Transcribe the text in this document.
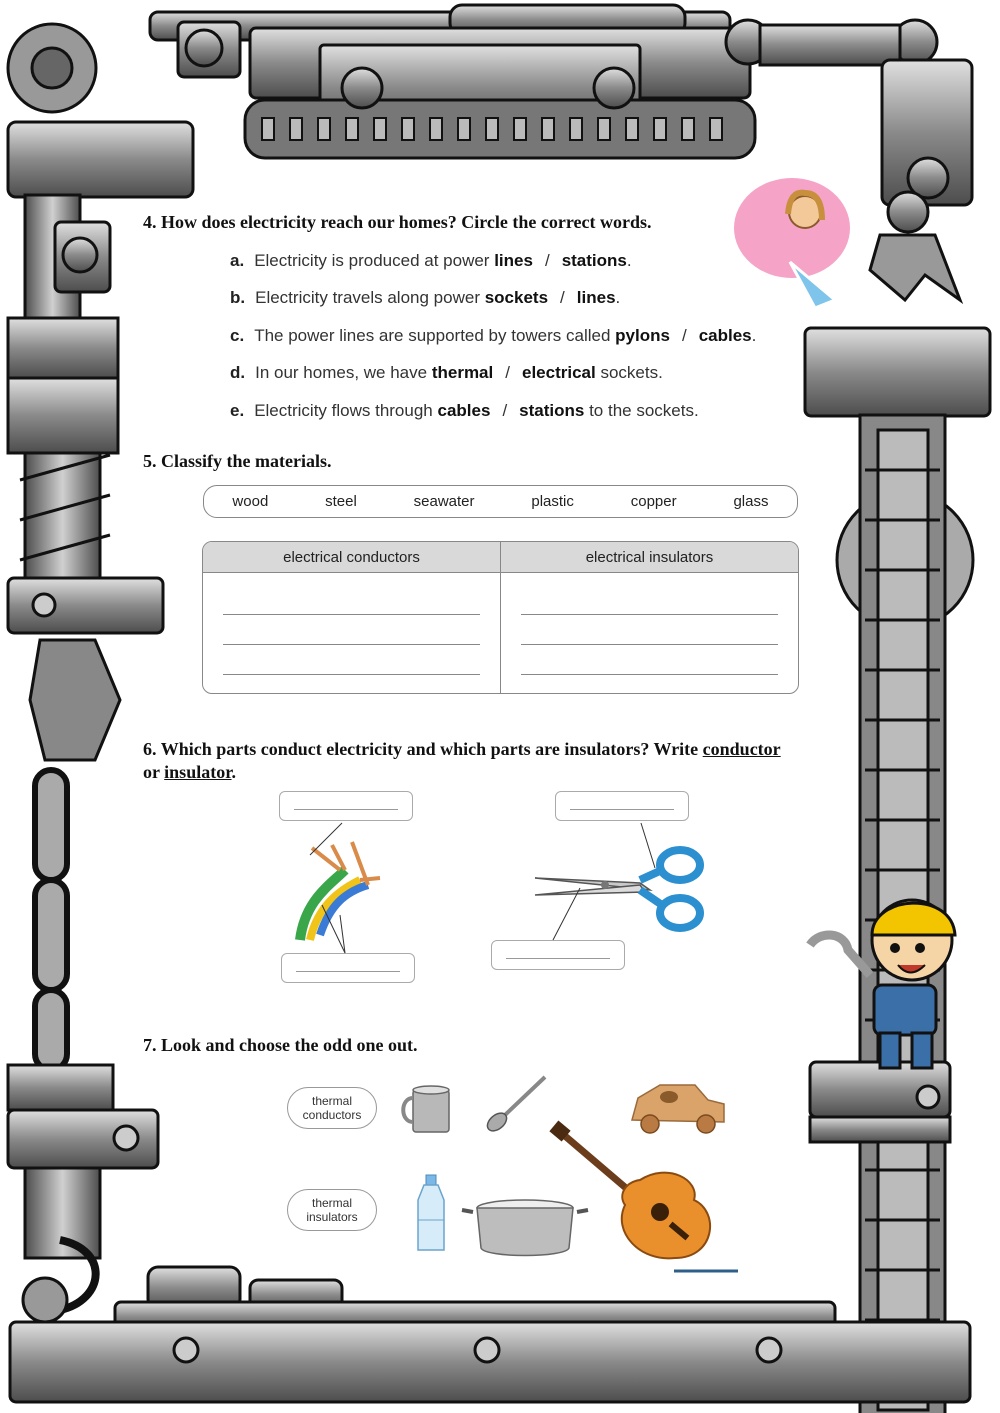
4. How does electricity reach our homes? Circle the correct words.
a. Electricity is produced at power
lines / stations .
b. Electricity travels along power
sockets / lines .
c. The power lines are supported by towers called
pylons / cables .
d. In our homes, we have
thermal / electrical sockets.
e. Electricity flows through
cables / stations to the sockets.
5. Classify the materials.
wood	steel	seawater	plastic	copper	glass
electrical conductors	electrical insulators
6. Which parts conduct electricity and which parts are insulators? Write conductor
or insulator.
7. Look and choose the odd one out.
thermal
conductors
thermal
insulators
